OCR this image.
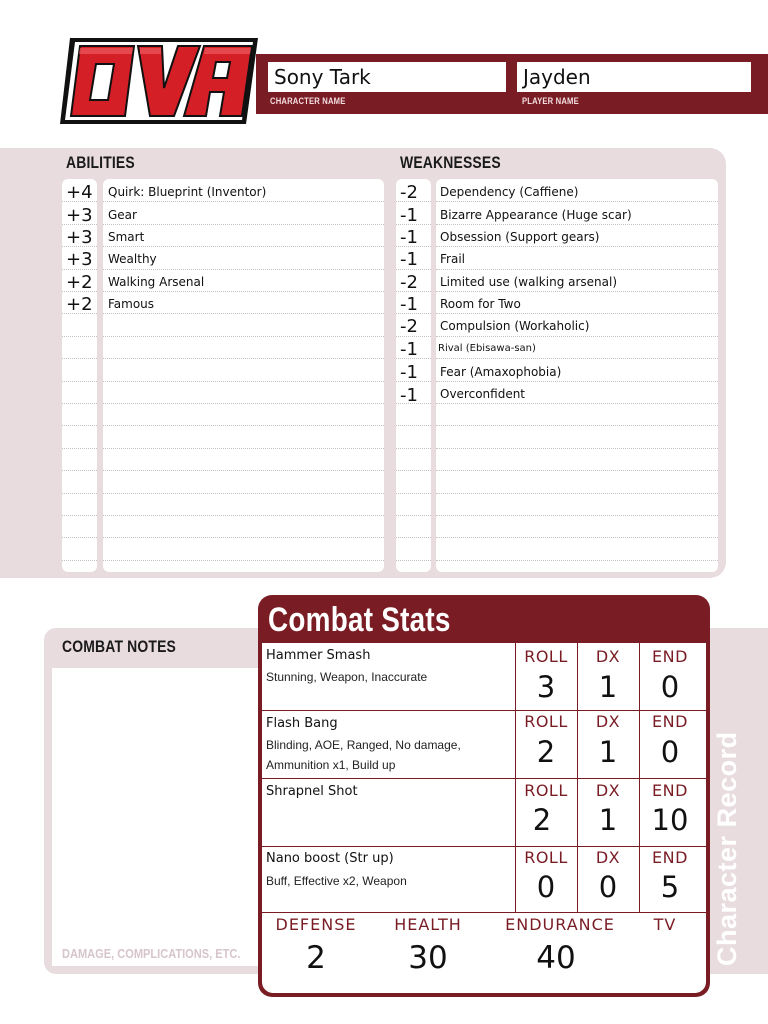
Sony Tark
CHARACTER NAME
Jayden
PLAYER NAME
ABILITIES	WEAKNESSES
+4	Quirk: Blueprint (Inventor)
+3	Gear
+3	Smart
+3	Wealthy
+2	Walking Arsenal
+2	Famous
-2	Dependency (Caffiene)
-1	Bizarre Appearance (Huge scar)
-1	Obsession (Support gears)
-1	Frail
-2	Limited use (walking arsenal)
-1	Room for Two
-2	Compulsion (Workaholic)
-1	Rival (Ebisawa-san)
-1	Fear (Amaxophobia)
-1	Overconfident
COMBAT NOTES
DAMAGE, COMPLICATIONS, ETC.	Character Record
Combat Stats
Hammer Smash
Stunning, Weapon, Inaccurate
ROLL	DX	END
3	1	0
Flash Bang
Blinding, AOE, Ranged, No damage, Ammunition x1, Build up
ROLL	DX	END
2	1	0
Shrapnel Shot	ROLL	DX	END
2	1	10
Nano boost (Str up)
Buff, Effective x2, Weapon
ROLL	DX	END
0	0	5
DEFENSE	HEALTH	ENDURANCE	TV
2	30	40
